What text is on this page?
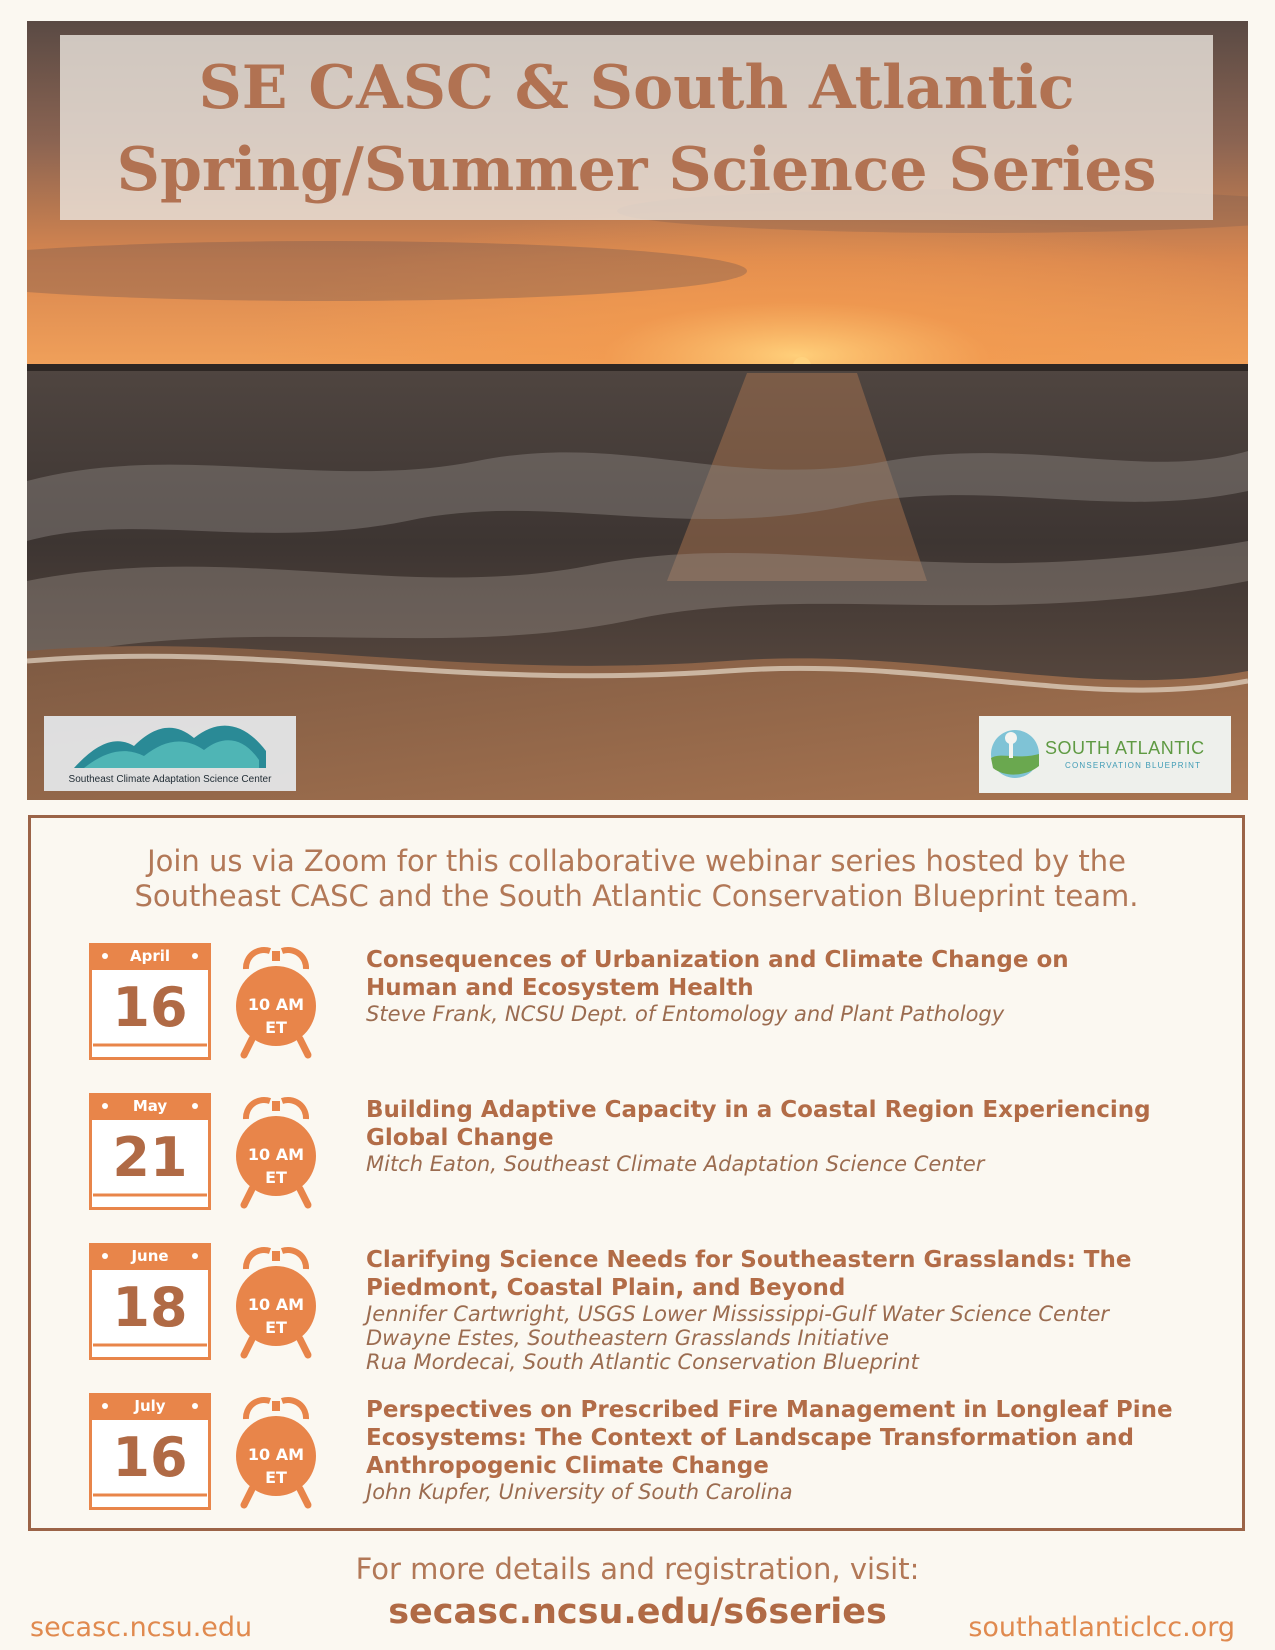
SE CASC & South Atlantic
Spring/Summer Science Series
Southeast Climate Adaptation Science Center
SOUTH ATLANTIC
CONSERVATION BLUEPRINT
Join us via Zoom for this collaborative webinar series hosted by the
Southeast CASC and the South Atlantic Conservation Blueprint team.
April
16	10 AM
ET
Consequences of Urbanization and Climate Change on
Human and Ecosystem Health
Steve Frank, NCSU Dept. of Entomology and Plant Pathology
May
21	10 AM
ET
Building Adaptive Capacity in a Coastal Region Experiencing
Global Change
Mitch Eaton, Southeast Climate Adaptation Science Center
June
18	10 AM
ET
Clarifying Science Needs for Southeastern Grasslands: The
Piedmont, Coastal Plain, and Beyond
Jennifer Cartwright, USGS Lower Mississippi-Gulf Water Science Center
Dwayne Estes, Southeastern Grasslands Initiative
Rua Mordecai, South Atlantic Conservation Blueprint
July
16	10 AM
ET
Perspectives on Prescribed Fire Management in Longleaf Pine
Ecosystems: The Context of Landscape Transformation and
Anthropogenic Climate Change
John Kupfer, University of South Carolina
For more details and registration, visit:
secasc.ncsu.edu/s6series
secasc.ncsu.edu	southatlanticlcc.org
